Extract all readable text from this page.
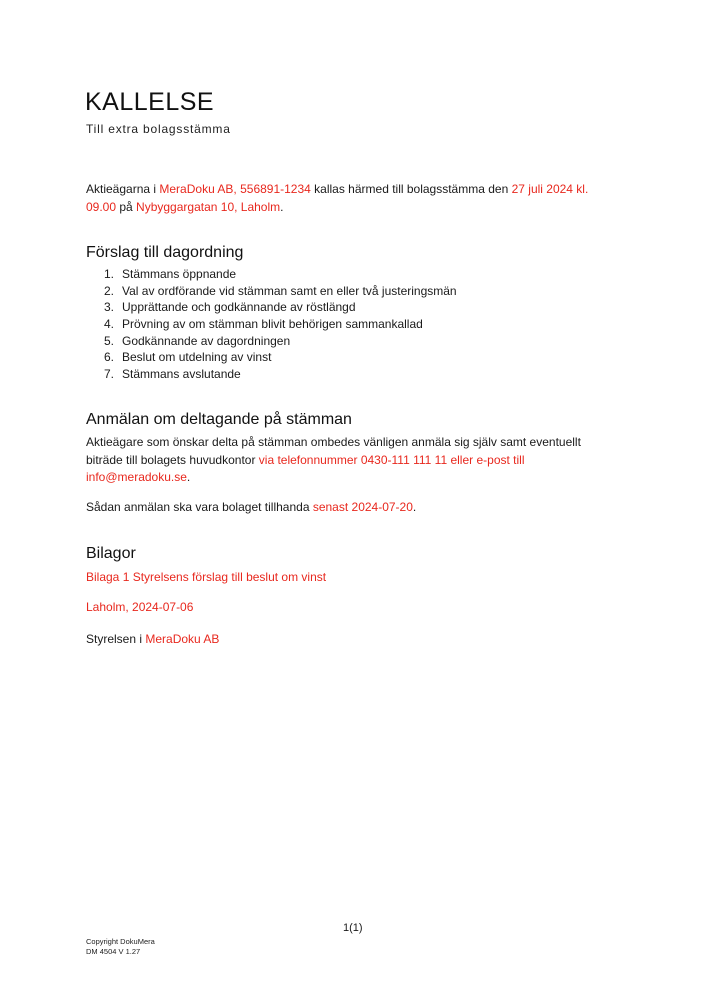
KALLELSE

Till extra bolagsstämma

Aktieägarna i MeraDoku AB, 556891-1234 kallas härmed till bolagsstämma den 27 juli 2024 kl. 09.00 på Nybyggargatan 10, Laholm.

Förslag till dagordning
1. Stämmans öppnande
2. Val av ordförande vid stämman samt en eller två justeringsmän
3. Upprättande och godkännande av röstlängd
4. Prövning av om stämman blivit behörigen sammankallad
5. Godkännande av dagordningen
6. Beslut om utdelning av vinst
7. Stämmans avslutande
Anmälan om deltagande på stämman

Aktieägare som önskar delta på stämman ombedes vänligen anmäla sig själv samt eventuellt biträde till bolagets huvudkontor via telefonnummer 0430-111 111 11 eller e-post till info@meradoku.se.

Sådan anmälan ska vara bolaget tillhanda senast 2024-07-20.

Bilagor

Bilaga 1 Styrelsens förslag till beslut om vinst

Laholm, 2024-07-06

Styrelsen i MeraDoku AB

1(1)

Copyright DokuMera
DM 4504 V 1.27
